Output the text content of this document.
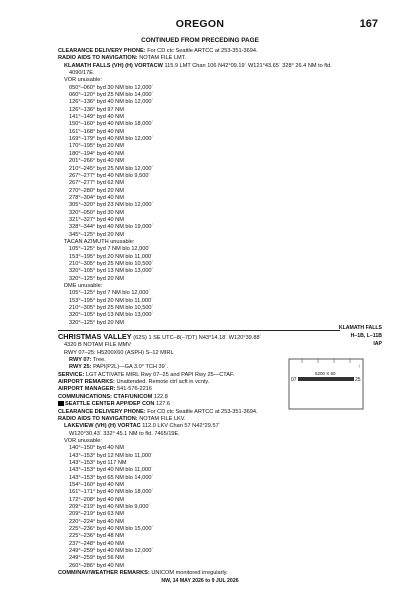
OREGON	167
CONTINUED FROM PRECEDING PAGE
CLEARANCE DELIVERY PHONE: For CD ctc Seattle ARTCC at 253-351-3694.
RADIO AIDS TO NAVIGATION: NOTAM FILE LMT.
KLAMATH FALLS (VH) (H) VORTACW 115.9 LMT Chan 106 N42°09.19´ W121°43.65´ 328° 26.4 NM to fld.
4090/17E.
VOR unusable:
050°–060° byd 30 NM blo 12,000´
060°–120° byd 25 NM blo 14,000´
126°–136° byd 40 NM blo 12,000´
126°–136° byd 97 NM
141°–149° byd 40 NM
150°–160° byd 40 NM blo 18,000´
161°–168° byd 40 NM
169°–179° byd 40 NM blo 12,000´
170°–195° byd 20 NM
180°–194° byd 40 NM
201°–266° byd 40 NM
210°–245° byd 25 NM blo 12,000´
267°–277° byd 40 NM blo 9,500´
267°–277° byd 62 NM
270°–280° byd 20 NM
278°–304° byd 40 NM
305°–320° byd 23 NM blo 12,000´
320°–050° byd 30 NM
321°–327° byd 40 NM
328°–344° byd 40 NM blo 19,000´
345°–125° byd 20 NM
TACAN AZIMUTH unusable:
105°–125° byd 7 NM blo 12,000´
153°–195° byd 20 NM blo 11,000´
210°–305° byd 25 NM blo 10,500´
320°–105° byd 13 NM blo 13,000´
320°–125° byd 20 NM
DME unusable:
105°–125° byd 7 NM blo 12,000´
153°–195° byd 20 NM blo 11,000´
210°–305° byd 25 NM blo 10,500´
320°–105° byd 13 NM blo 13,000´
320°–125° byd 20 NM
CHRISTMAS VALLEY (62S) 1 SE UTC–8(–7DT) N43°14.18´ W120°39.88´
4320 B NOTAM FILE MMV
RWY 07–25: H5200X60 (ASPH) S–12 MIRL
RWY 07: Tree.
RWY 25: PAPI(P2L)—GA 3.0° TCH 39´.
SERVICE: LGT ACTIVATE MIRL Rwy 07–25 and PAPI Rwy 25—CTAF.
AIRPORT REMARKS: Unattended. Remote ctrl acft in vcnty.
AIRPORT MANAGER: 541-576-2216
COMMUNICATIONS: CTAF/UNICOM 122.8
SEATTLE CENTER APP/DEP CON 127.6
CLEARANCE DELIVERY PHONE: For CD ctc Seattle ARTCC at 253-351-3694.
RADIO AIDS TO NAVIGATION: NOTAM FILE LKV.
LAKEVIEW (VH) (H) VORTAC 112.0 LKV Chan 57 N42°29.57´
W120°30.43´ 332° 45.1 NM to fld. 7465/19E.
VOR unusable:
140°–150° byd 40 NM
143°–153° byd 12 NM blo 11,000´
143°–153° byd 117 NM
143°–153° byd 40 NM blo 11,000´
143°–153° byd 65 NM blo 14,000´
154°–160° byd 40 NM
161°–171° byd 40 NM blo 18,000´
172°–208° byd 40 NM
209°–219° byd 40 NM blo 9,000´
209°–219° byd 63 NM
220°–224° byd 40 NM
225°–236° byd 40 NM blo 15,000´
225°–236° byd 48 NM
237°–248° byd 40 NM
249°–259° byd 40 NM blo 12,000´
249°–259° byd 56 NM
260°–286° byd 40 NM
COMM/NAV/WEATHER REMARKS: UNICOM monitored irregularly.
KLAMATH FALLS
H–1B, L–11B
IAP
07	25
5200 X 60
↑
NW, 14 MAY 2026 to 9 JUL 2026
